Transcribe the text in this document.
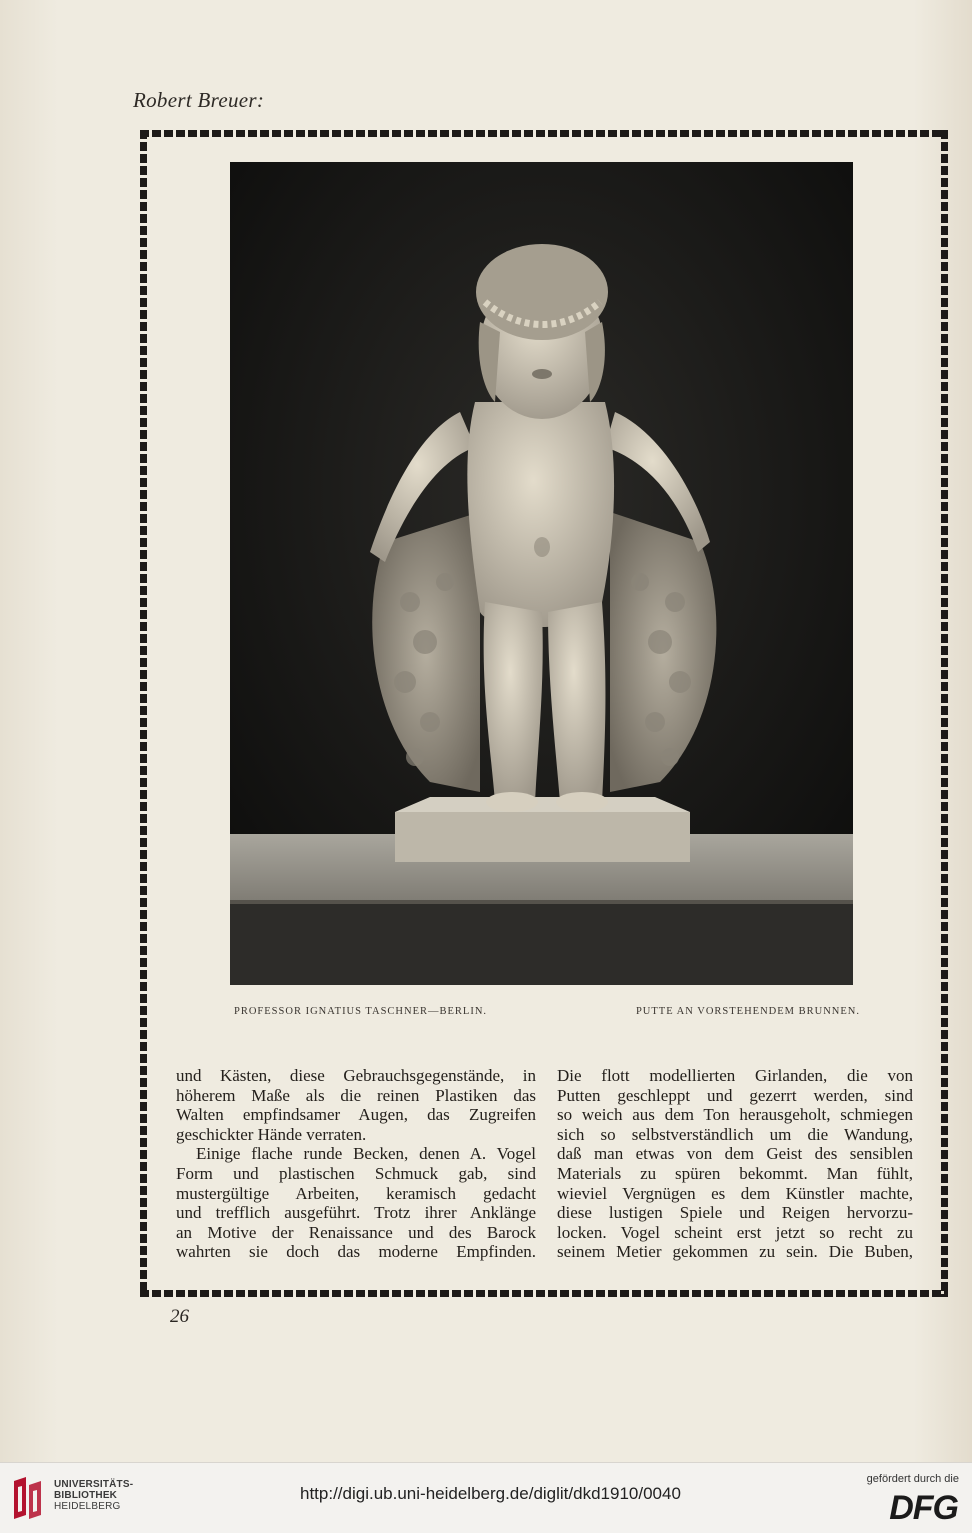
Robert Breuer:
PROFESSOR IGNATIUS TASCHNER—BERLIN.	PUTTE AN VORSTEHENDEM BRUNNEN.
und Kästen, diese Gebrauchsgegenstände, in
höherem Maße als die reinen Plastiken das
Walten empfindsamer Augen, das Zugreifen
geschickter Hände verraten.
Einige flache runde Becken, denen A. Vogel
Form und plastischen Schmuck gab, sind
mustergültige Arbeiten, keramisch gedacht
und trefflich ausgeführt. Trotz ihrer Anklänge
an Motive der Renaissance und des Barock
wahrten sie doch das moderne Empfinden.
Die flott modellierten Girlanden, die von
Putten geschleppt und gezerrt werden, sind
so weich aus dem Ton herausgeholt, schmiegen
sich so selbstverständlich um die Wandung,
daß man etwas von dem Geist des sensiblen
Materials zu spüren bekommt. Man fühlt,
wieviel Vergnügen es dem Künstler machte,
diese lustigen Spiele und Reigen hervorzu-
locken. Vogel scheint erst jetzt so recht zu
seinem Metier gekommen zu sein. Die Buben,
26
UNIVERSITÄTS-
BIBLIOTHEK
HEIDELBERG
http://digi.ub.uni-heidelberg.de/diglit/dkd1910/0040
gefördert durch die
DFG
